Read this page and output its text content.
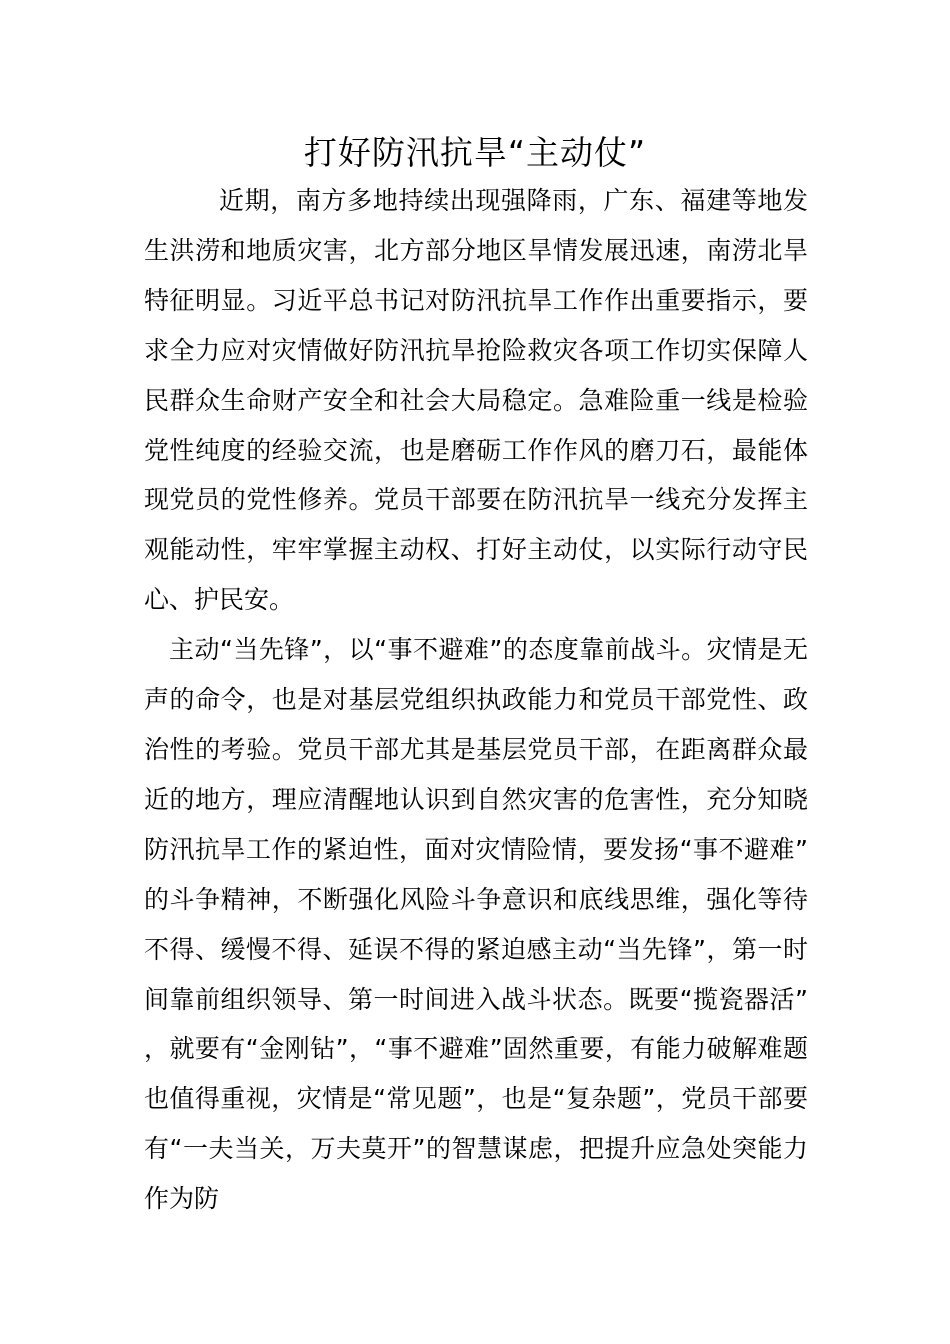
打好防汛抗旱“主动仗”

近期，南方多地持续出现强降雨，广东、福建等地发生洪涝和地质灾害，北方部分地区旱情发展迅速，南涝北旱特征明显。习近平总书记对防汛抗旱工作作出重要指示，要求全力应对灾情做好防汛抗旱抢险救灾各项工作切实保障人民群众生命财产安全和社会大局稳定。急难险重一线是检验党性纯度的经验交流，也是磨砺工作作风的磨刀石，最能体现党员的党性修养。党员干部要在防汛抗旱一线充分发挥主观能动性，牢牢掌握主动权、打好主动仗，以实际行动守民心、护民安。

主动“当先锋”，以“事不避难”的态度靠前战斗。灾情是无声的命令，也是对基层党组织执政能力和党员干部党性、政治性的考验。党员干部尤其是基层党员干部，在距离群众最近的地方，理应清醒地认识到自然灾害的危害性，充分知晓防汛抗旱工作的紧迫性，面对灾情险情，要发扬“事不避难”的斗争精神，不断强化风险斗争意识和底线思维，强化等待不得、缓慢不得、延误不得的紧迫感主动“当先锋”，第一时间靠前组织领导、第一时间进入战斗状态。既要“揽瓷器活”，就要有“金刚钻”，“事不避难”固然重要，有能力破解难题也值得重视，灾情是“常见题”，也是“复杂题”，党员干部要有“一夫当关，万夫莫开”的智慧谋虑，把提升应急处突能力作为防
